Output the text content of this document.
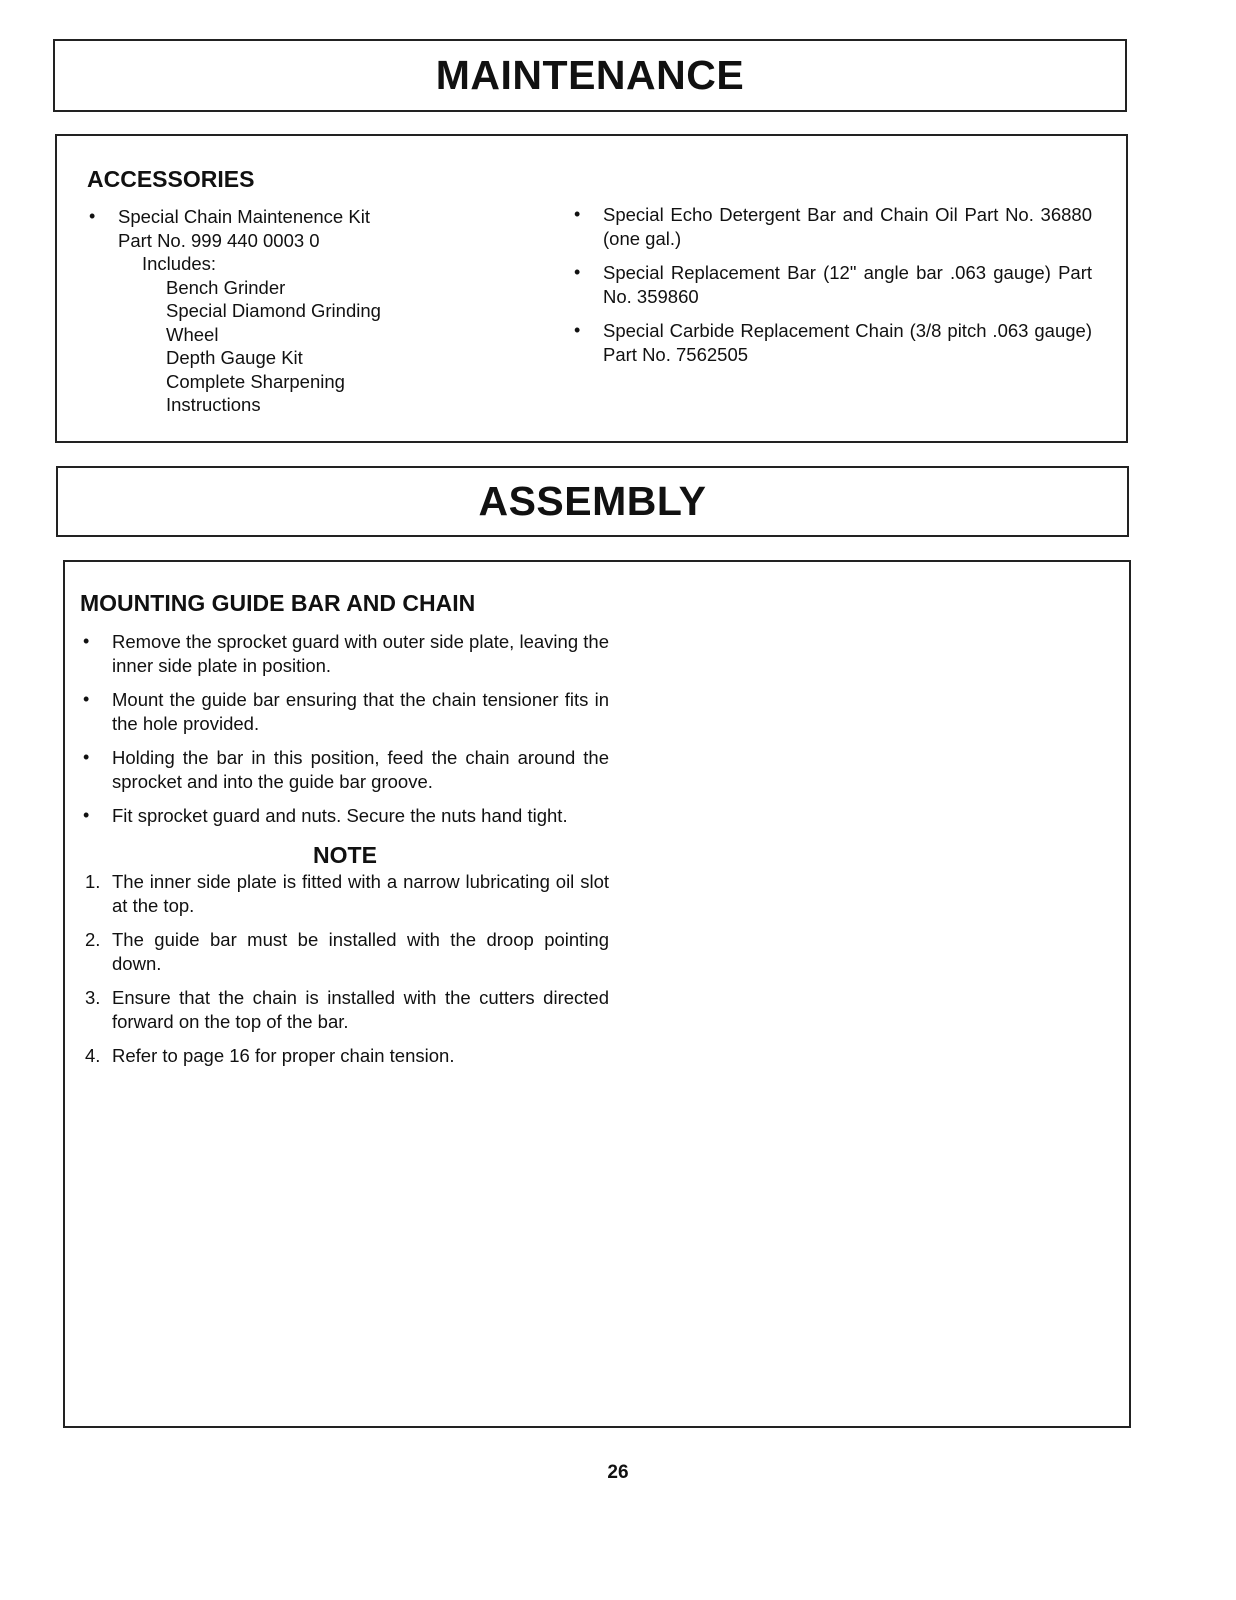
MAINTENANCE
ACCESSORIES
• Special Chain Maintenence Kit
Part No. 999 440 0003 0
Includes:
Bench Grinder
Special Diamond Grinding
Wheel
Depth Gauge Kit
Complete Sharpening
Instructions
• Special Echo Detergent Bar and Chain Oil Part No. 36880 (one gal.)
• Special Replacement Bar (12" angle bar .063 gauge) Part No. 359860
• Special Carbide Replacement Chain (3/8 pitch .063 gauge) Part No. 7562505
ASSEMBLY
MOUNTING GUIDE BAR AND CHAIN
• Remove the sprocket guard with outer side plate, leaving the inner side plate in position.
• Mount the guide bar ensuring that the chain tensioner fits in the hole provided.
• Holding the bar in this position, feed the chain around the sprocket and into the guide bar groove.
• Fit sprocket guard and nuts. Secure the nuts hand tight.
NOTE
1. The inner side plate is fitted with a narrow lubricating oil slot at the top.
2. The guide bar must be installed with the droop pointing down.
3. Ensure that the chain is installed with the cutters directed forward on the top of the bar.
4. Refer to page 16 for proper chain tension.
26
